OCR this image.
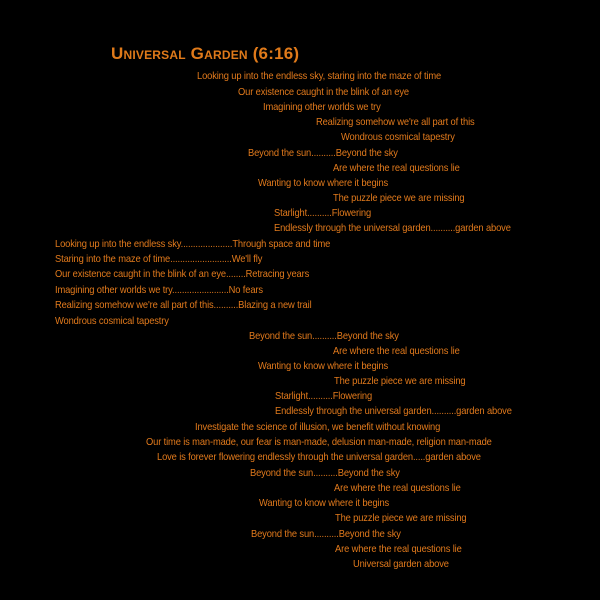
Universal Garden (6:16)
Looking up into the endless sky, staring into the maze of time
Our existence caught in the blink of an eye
Imagining other worlds we try
Realizing somehow we're all part of this
Wondrous cosmical tapestry
Beyond the sun..........Beyond the sky
Are where the real questions lie
Wanting to know where it begins
The puzzle piece we are missing
Starlight..........Flowering
Endlessly through the universal garden..........garden above
Looking up into the endless sky.....................Through space and time
Staring into the maze of time.........................We'll fly
Our existence caught in the blink of an eye........Retracing years
Imagining other worlds we try.......................No fears
Realizing somehow we're all part of this..........Blazing a new trail
Wondrous cosmical tapestry
Beyond the sun..........Beyond the sky
Are where the real questions lie
Wanting to know where it begins
The puzzle piece we are missing
Starlight..........Flowering
Endlessly through the universal garden..........garden above
Investigate the science of illusion, we benefit without knowing
Our time is man-made, our fear is man-made, delusion man-made, religion man-made
Love is forever flowering endlessly through the universal garden.....garden above
Beyond the sun..........Beyond the sky
Are where the real questions lie
Wanting to know where it begins
The puzzle piece we are missing
Beyond the sun..........Beyond the sky
Are where the real questions lie
Universal garden above
